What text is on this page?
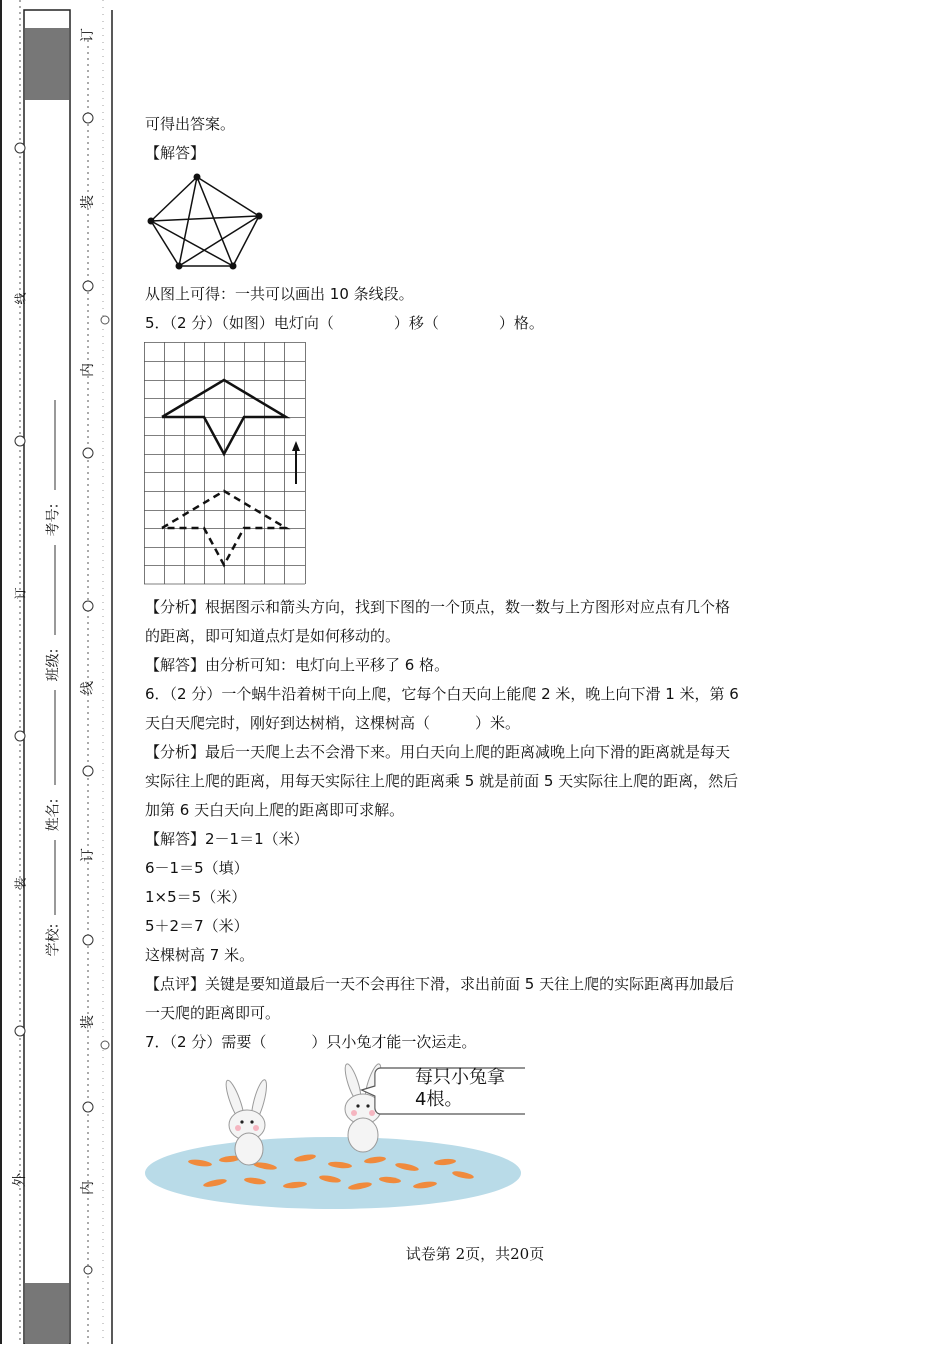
外
装
订
线
内
装
订
线
内
装
订
学校:
姓名:
班级:
考号:

可得出答案。

【解答】

从图上可得：一共可以画出 10 条线段。

5．（2 分）（如图）电灯向（　　　　）移（　　　　）格。

【分析】根据图示和箭头方向，找到下图的一个顶点，数一数与上方图形对应点有几个格

的距离，即可知道点灯是如何移动的。

【解答】由分析可知：电灯向上平移了 6 格。

6．（2 分）一个蜗牛沿着树干向上爬，它每个白天向上能爬 2 米，晚上向下滑 1 米，第 6

天白天爬完时，刚好到达树梢，这棵树高（　　　）米。

【分析】最后一天爬上去不会滑下来。用白天向上爬的距离减晚上向下滑的距离就是每天

实际往上爬的距离，用每天实际往上爬的距离乘 5 就是前面 5 天实际往上爬的距离，然后

加第 6 天白天向上爬的距离即可求解。

【解答】2－1＝1（米）

6－1＝5（填）

1×5＝5（米）

5＋2＝7（米）

这棵树高 7 米。

【点评】关键是要知道最后一天不会再往下滑，求出前面 5 天往上爬的实际距离再加最后

一天爬的距离即可。

7．（2 分）需要（　　　）只小兔才能一次运走。

每只小兔拿
4根。
试卷第 2页，共20页
